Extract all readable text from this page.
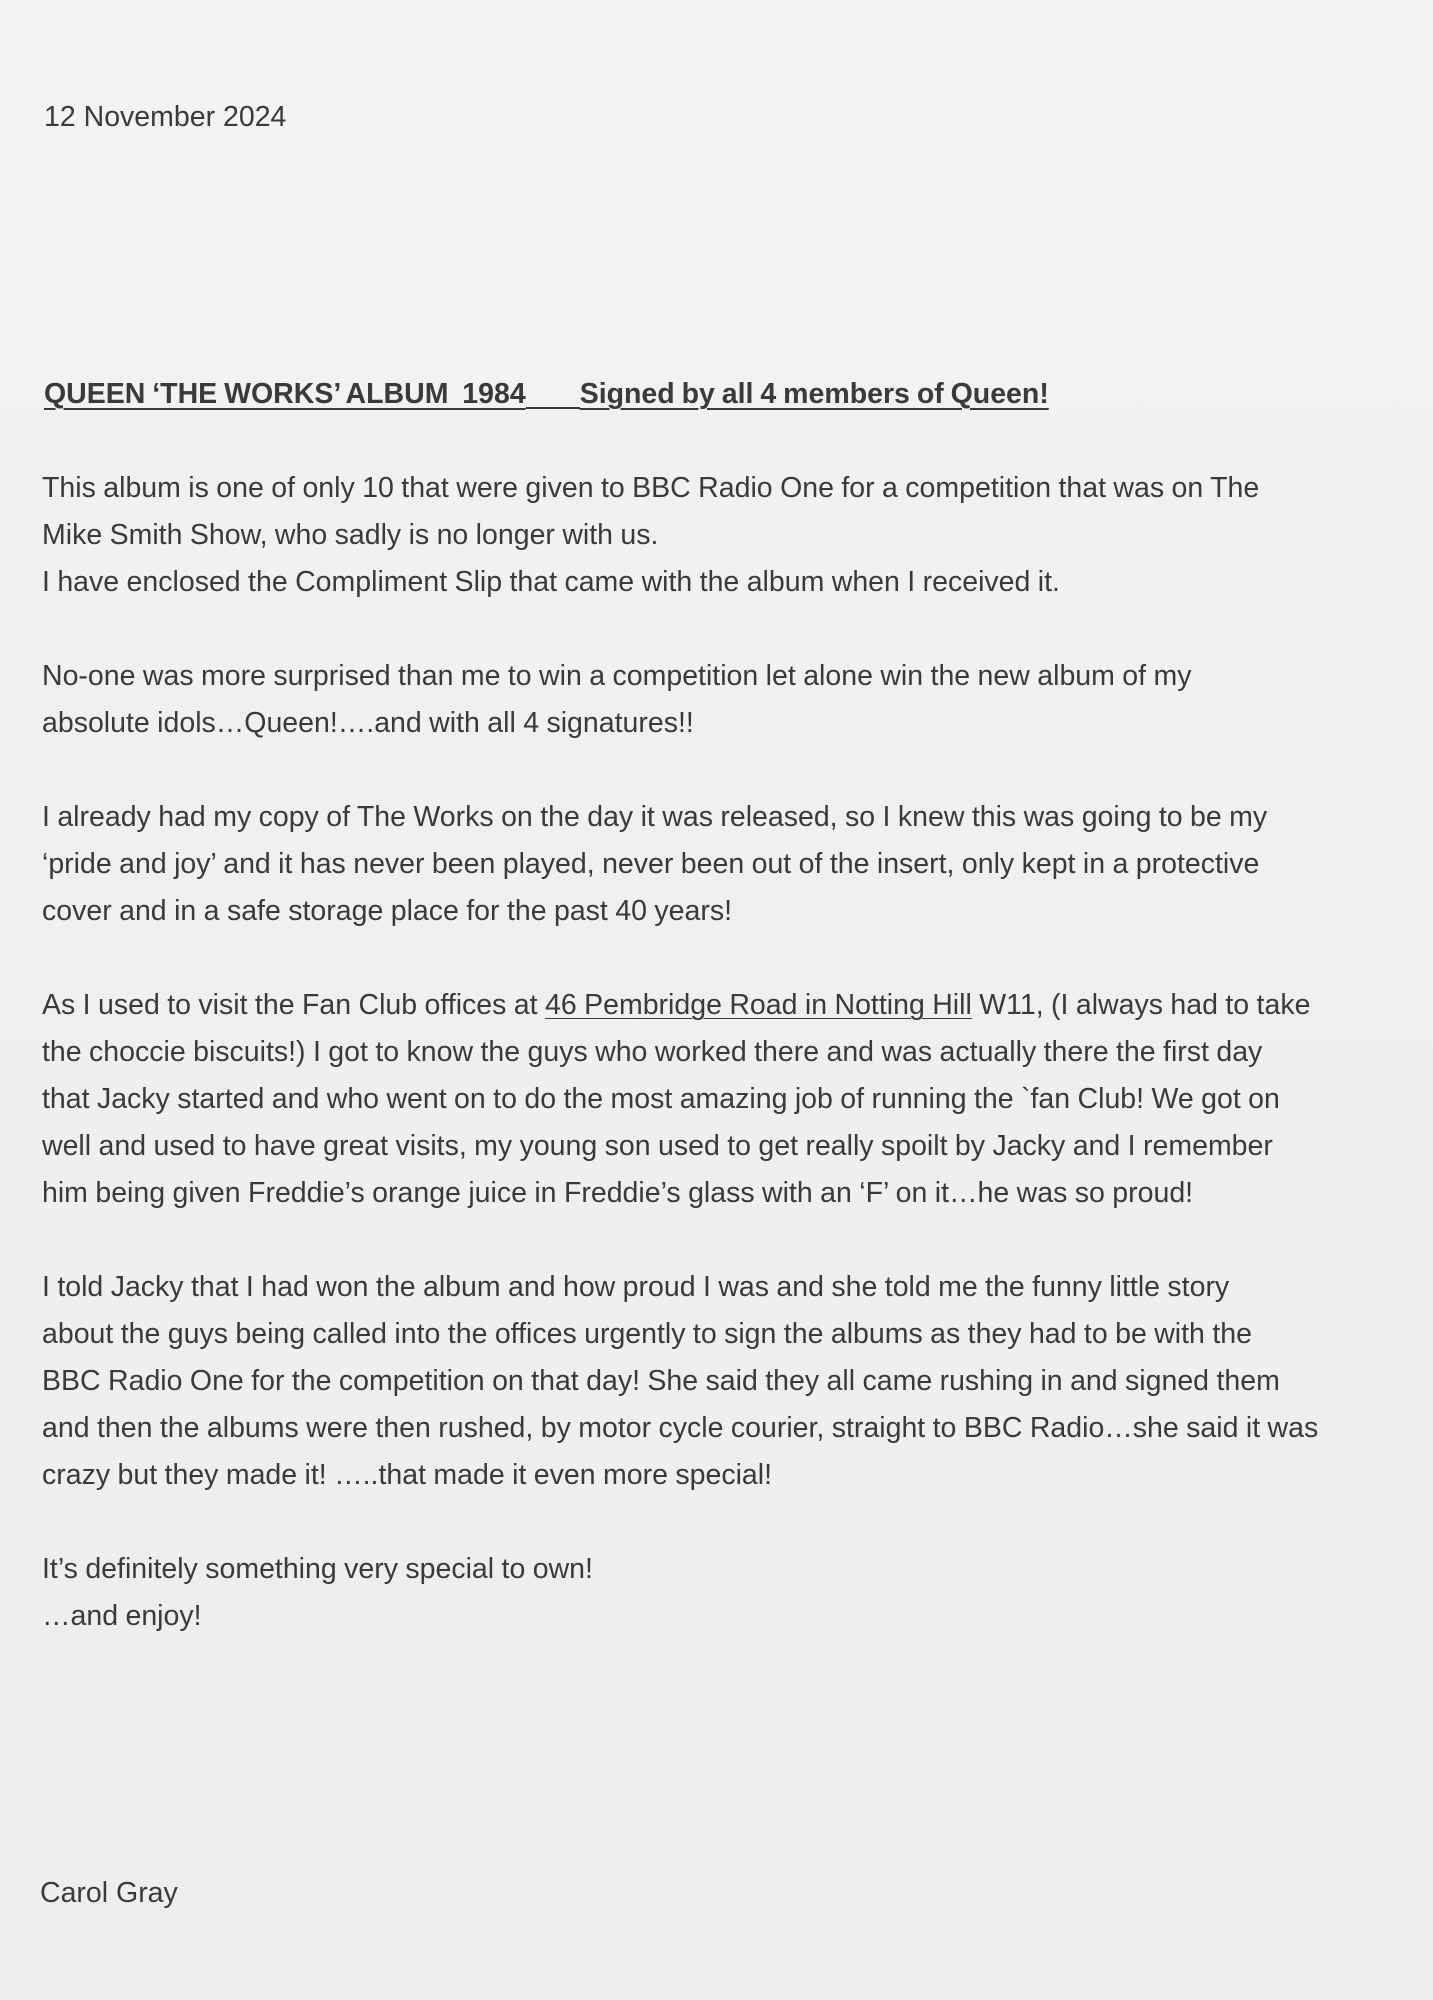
12 November 2024

QUEEN ‘THE WORKS’ ALBUM  1984 Signed by all 4 members of Queen!

This album is one of only 10 that were given to BBC Radio One for a competition that was on The
Mike Smith Show, who sadly is no longer with us.
I have enclosed the Compliment Slip that came with the album when I received it.

No-one was more surprised than me to win a competition let alone win the new album of my
absolute idols…Queen!….and with all 4 signatures!!

I already had my copy of The Works on the day it was released, so I knew this was going to be my
‘pride and joy’ and it has never been played, never been out of the insert, only kept in a protective
cover and in a safe storage place for the past 40 years!

As I used to visit the Fan Club offices at 46 Pembridge Road in Notting Hill W11, (I always had to take
the choccie biscuits!) I got to know the guys who worked there and was actually there the first day
that Jacky started and who went on to do the most amazing job of running the `fan Club! We got on
well and used to have great visits, my young son used to get really spoilt by Jacky and I remember
him being given Freddie’s orange juice in Freddie’s glass with an ‘F’ on it…he was so proud!

I told Jacky that I had won the album and how proud I was and she told me the funny little story
about the guys being called into the offices urgently to sign the albums as they had to be with the
BBC Radio One for the competition on that day! She said they all came rushing in and signed them
and then the albums were then rushed, by motor cycle courier, straight to BBC Radio…she said it was
crazy but they made it! …..that made it even more special!

It’s definitely something very special to own!
…and enjoy!

Carol Gray
